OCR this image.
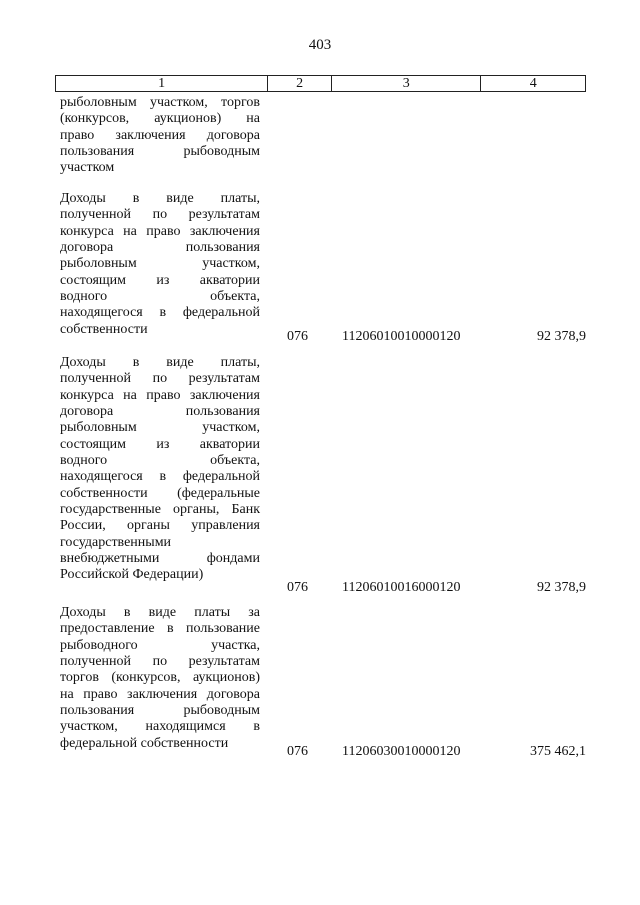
403
1	2	3	4
рыболовным участком, торгов
(конкурсов, аукционов) на
право заключения договора
пользования рыбоводным
участком
Доходы в виде платы,
полученной по результатам
конкурса на право заключения
договора пользования
рыболовным участком,
состоящим из акватории
водного объекта,
находящегося в федеральной
собственности	076	11206010010000120	92 378,9
Доходы в виде платы,
полученной по результатам
конкурса на право заключения
договора пользования
рыболовным участком,
состоящим из акватории
водного объекта,
находящегося в федеральной
собственности (федеральные
государственные органы, Банк
России, органы управления
государственными
внебюджетными фондами
Российской Федерации)
076	11206010016000120	92 378,9
Доходы в виде платы за
предоставление в пользование
рыбоводного участка,
полученной по результатам
торгов (конкурсов, аукционов)
на право заключения договора
пользования рыбоводным
участком, находящимся в
федеральной собственности
076	11206030010000120	375 462,1
